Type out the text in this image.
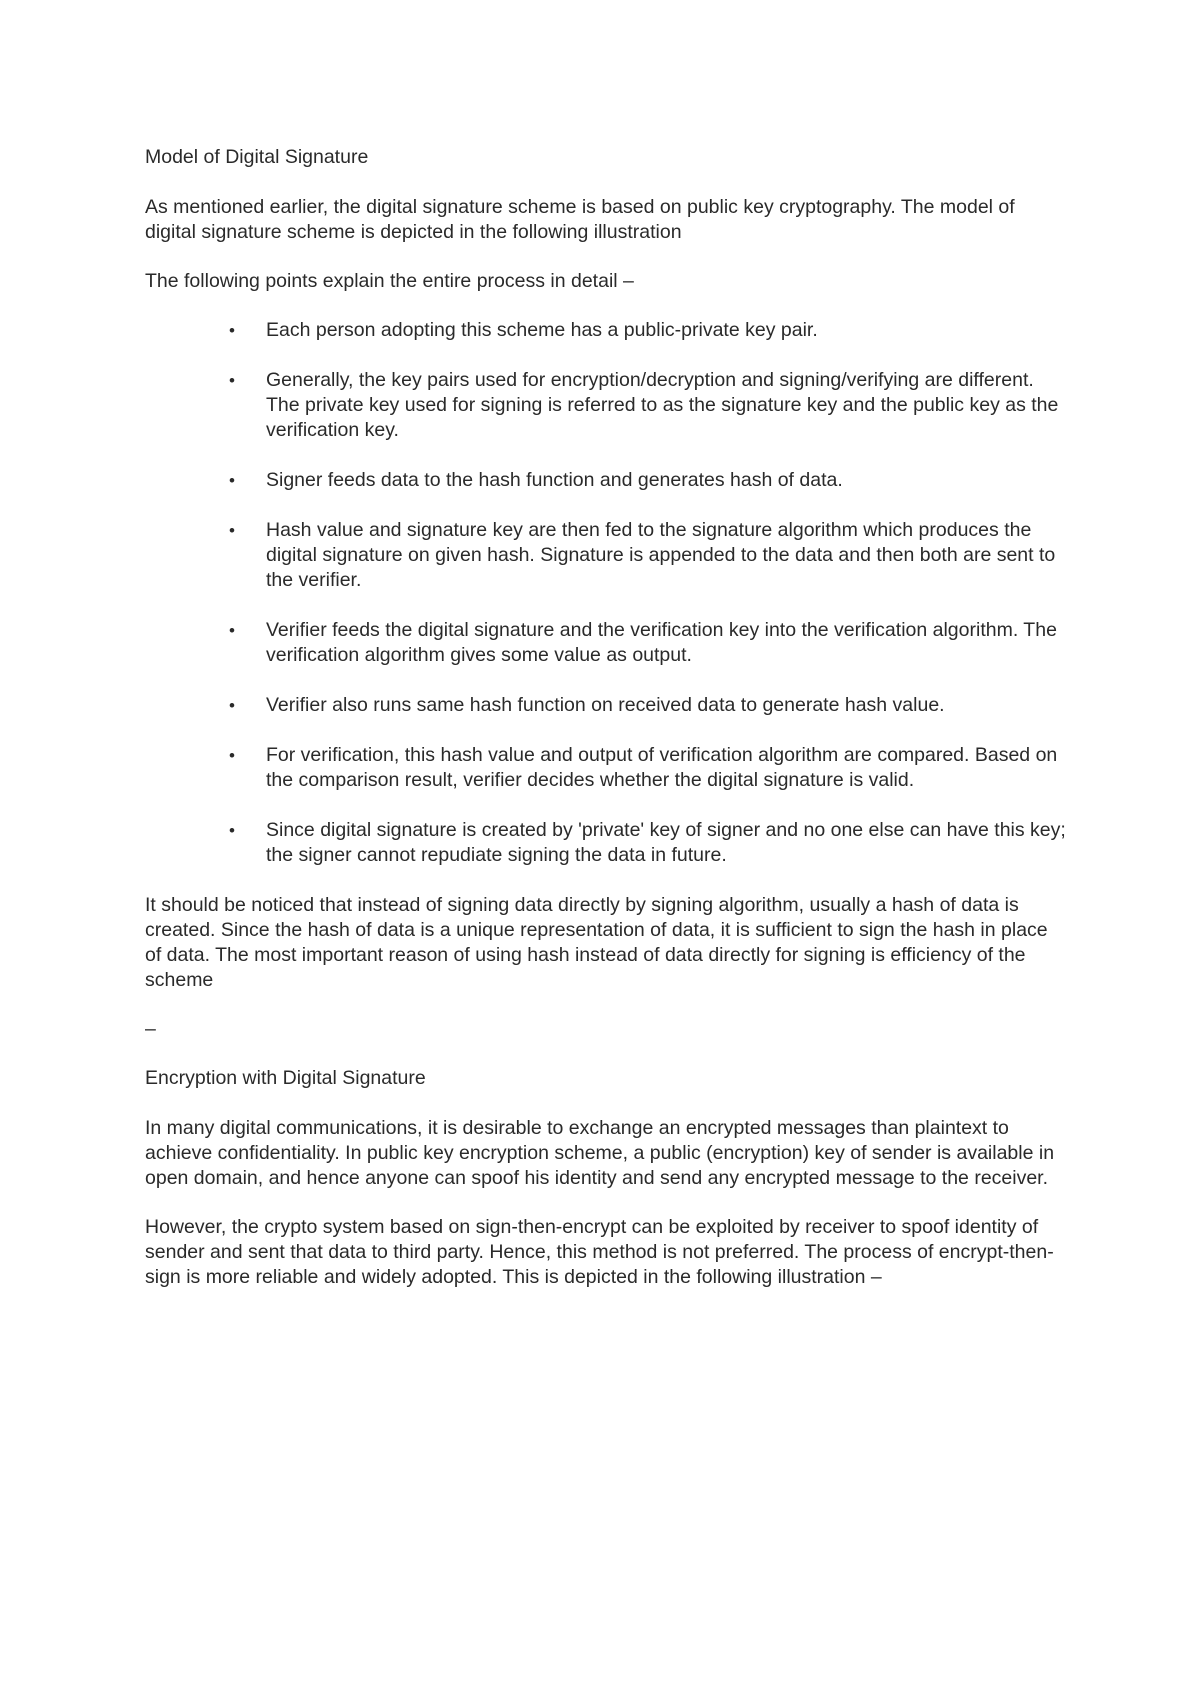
Model of Digital Signature

As mentioned earlier, the digital signature scheme is based on public key cryptography. The model of digital signature scheme is depicted in the following illustration

The following points explain the entire process in detail –

• Each person adopting this scheme has a public-private key pair.
• Generally, the key pairs used for encryption/decryption and signing/verifying are different. The private key used for signing is referred to as the signature key and the public key as the verification key.
• Signer feeds data to the hash function and generates hash of data.
• Hash value and signature key are then fed to the signature algorithm which produces the digital signature on given hash. Signature is appended to the data and then both are sent to the verifier.
• Verifier feeds the digital signature and the verification key into the verification algorithm. The verification algorithm gives some value as output.
• Verifier also runs same hash function on received data to generate hash value.
• For verification, this hash value and output of verification algorithm are compared. Based on the comparison result, verifier decides whether the digital signature is valid.
• Since digital signature is created by 'private' key of signer and no one else can have this key; the signer cannot repudiate signing the data in future.

It should be noticed that instead of signing data directly by signing algorithm, usually a hash of data is created. Since the hash of data is a unique representation of data, it is sufficient to sign the hash in place of data. The most important reason of using hash instead of data directly for signing is efficiency of the scheme

–

Encryption with Digital Signature

In many digital communications, it is desirable to exchange an encrypted messages than plaintext to achieve confidentiality. In public key encryption scheme, a public (encryption) key of sender is available in open domain, and hence anyone can spoof his identity and send any encrypted message to the receiver.

However, the crypto system based on sign-then-encrypt can be exploited by receiver to spoof identity of sender and sent that data to third party. Hence, this method is not preferred. The process of encrypt-then-sign is more reliable and widely adopted. This is depicted in the following illustration –
